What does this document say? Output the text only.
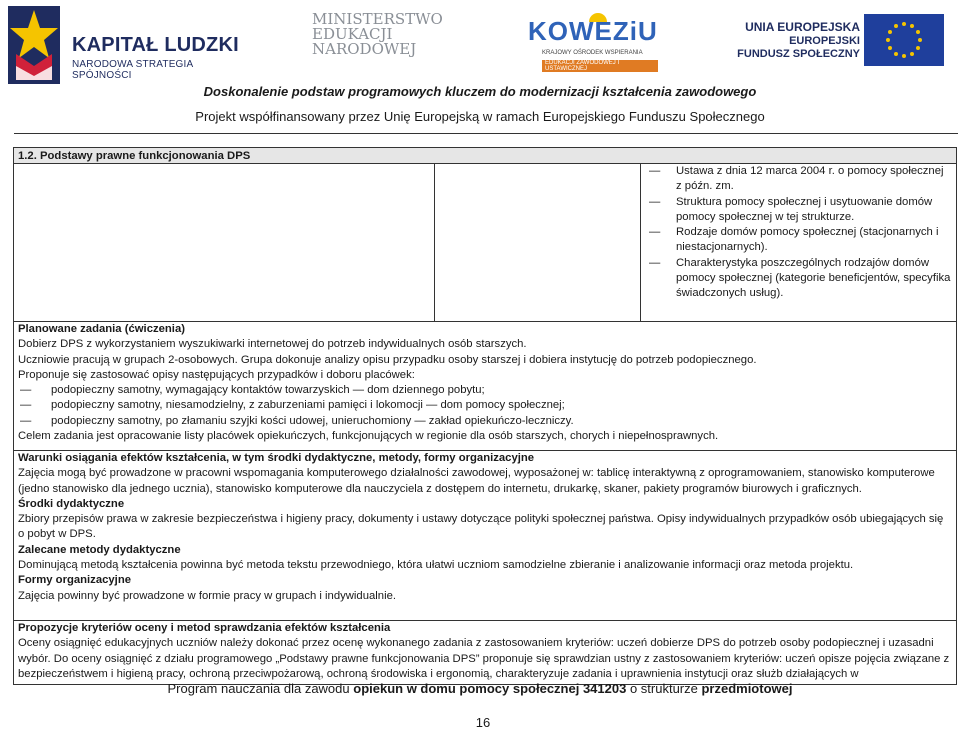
KAPITAŁ LUDZKI
NARODOWA STRATEGIA SPÓJNOŚCI
MINISTERSTWO
EDUKACJI
NARODOWEJ
KOWEZiU
KRAJOWY OŚRODEK WSPIERANIA
EDUKACJI ZAWODOWEJ I USTAWICZNEJ
UNIA EUROPEJSKA
EUROPEJSKI
FUNDUSZ SPOŁECZNY
Doskonalenie podstaw programowych kluczem do modernizacji kształcenia zawodowego
Projekt współfinansowany przez Unię Europejską w ramach Europejskiego Funduszu Społecznego
1.2. Podstawy prawne funkcjonowania DPS
— Ustawa z dnia 12 marca 2004 r. o pomocy społecznej z późn. zm.
— Struktura pomocy społecznej i usytuowanie domów pomocy społecznej w tej strukturze.
— Rodzaje domów pomocy społecznej (stacjonarnych i niestacjonarnych).
— Charakterystyka poszczególnych rodzajów domów pomocy społecznej (kategorie beneficjentów, specyfika świadczonych usług).
Planowane zadania (ćwiczenia)
Dobierz DPS z wykorzystaniem wyszukiwarki internetowej do potrzeb indywidualnych osób starszych.
Uczniowie pracują w grupach 2-osobowych. Grupa dokonuje analizy opisu przypadku osoby starszej i dobiera instytucję do potrzeb podopiecznego.
Proponuje się zastosować opisy następujących przypadków i doboru placówek:
— podopieczny samotny, wymagający kontaktów towarzyskich — dom dziennego pobytu;
— podopieczny samotny, niesamodzielny, z zaburzeniami pamięci i lokomocji — dom pomocy społecznej;
— podopieczny samotny, po złamaniu szyjki kości udowej, unieruchomiony — zakład opiekuńczo-leczniczy.
Celem zadania jest opracowanie listy placówek opiekuńczych, funkcjonujących w regionie dla osób starszych, chorych i niepełnosprawnych.
Warunki osiągania efektów kształcenia, w tym środki dydaktyczne, metody, formy organizacyjne
Zajęcia mogą być prowadzone w pracowni wspomagania komputerowego działalności zawodowej, wyposażonej w: tablicę interaktywną z oprogramowaniem, stanowisko komputerowe (jedno stanowisko dla jednego ucznia), stanowisko komputerowe dla nauczyciela z dostępem do internetu, drukarkę, skaner, pakiety programów biurowych i graficznych.
Środki dydaktyczne
Zbiory przepisów prawa w zakresie bezpieczeństwa i higieny pracy, dokumenty i ustawy dotyczące polityki społecznej państwa. Opisy indywidualnych przypadków osób ubiegających się o pobyt w DPS.
Zalecane metody dydaktyczne
Dominującą metodą kształcenia powinna być metoda tekstu przewodniego, która ułatwi uczniom samodzielne zbieranie i analizowanie informacji oraz metoda projektu.
Formy organizacyjne
Zajęcia powinny być prowadzone w formie pracy w grupach i indywidualnie.
Propozycje kryteriów oceny i metod sprawdzania efektów kształcenia
Oceny osiągnięć edukacyjnych uczniów należy dokonać przez ocenę wykonanego zadania z zastosowaniem kryteriów: uczeń dobierze DPS do potrzeb osoby podopiecznej i uzasadni wybór. Do oceny osiągnięć z działu programowego „Podstawy prawne funkcjonowania DPS” proponuje się sprawdzian ustny z zastosowaniem kryteriów: uczeń opisze pojęcia związane z bezpieczeństwem i higieną pracy, ochroną przeciwpożarową, ochroną środowiska i ergonomią, charakteryzuje zadania i uprawnienia instytucji oraz służb działających w
Program nauczania dla zawodu opiekun w domu pomocy społecznej 341203 o strukturze przedmiotowej
16
